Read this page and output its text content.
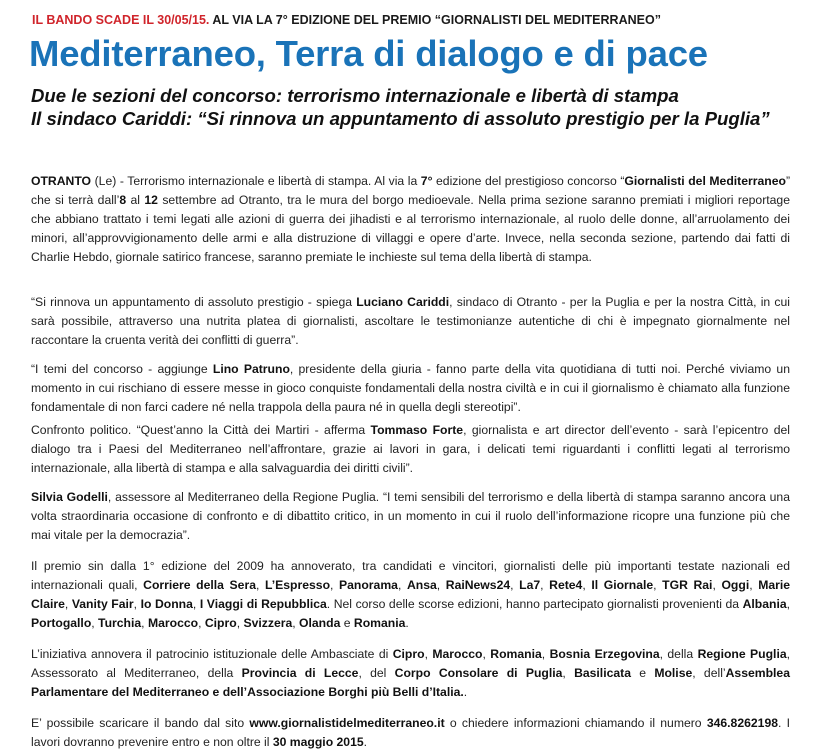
IL BANDO SCADE IL 30/05/15. AL VIA LA 7° EDIZIONE DEL PREMIO “GIORNALISTI DEL MEDITERRANEO”
Mediterraneo, Terra di dialogo e di pace
Due le sezioni del concorso: terrorismo internazionale e libertà di stampa
Il sindaco Cariddi: “Si rinnova un appuntamento di assoluto prestigio per la Puglia”

OTRANTO (Le) - Terrorismo internazionale e libertà di stampa. Al via la 7° edizione del prestigioso concorso “Giornalisti del Mediterraneo” che si terrà dall’8 al 12 settembre ad Otranto, tra le mura del borgo medioevale. Nella prima sezione saranno premiati i migliori reportage che abbiano trattato i temi legati alle azioni di guerra dei jihadisti e al terrorismo internazionale, al ruolo delle donne, all’arruolamento dei minori, all’approvvigionamento delle armi e alla distruzione di villaggi e opere d’arte. Invece, nella seconda sezione, partendo dai fatti di Charlie Hebdo, giornale satirico francese, saranno premiate le inchieste sul tema della libertà di stampa.

“Si rinnova un appuntamento di assoluto prestigio - spiega Luciano Cariddi, sindaco di Otranto - per la Puglia e per la nostra Città, in cui sarà possibile, attraverso una nutrita platea di giornalisti, ascoltare le testimonianze autentiche di chi è impegnato giornalmente nel raccontare la cruenta verità dei conflitti di guerra”.

“I temi del concorso - aggiunge Lino Patruno, presidente della giuria - fanno parte della vita quotidiana di tutti noi. Perché viviamo un momento in cui rischiano di essere messe in gioco conquiste fondamentali della nostra civiltà e in cui il giornalismo è chiamato alla funzione fondamentale di non farci cadere né nella trappola della paura né in quella degli stereotipi”.

Confronto politico. “Quest’anno la Città dei Martiri - afferma Tommaso Forte, giornalista e art director dell’evento - sarà l’epicentro del dialogo tra i Paesi del Mediterraneo nell’affrontare, grazie ai lavori in gara, i delicati temi riguardanti i conflitti legati al terrorismo internazionale, alla libertà di stampa e alla salvaguardia dei diritti civili”.

Silvia Godelli, assessore al Mediterraneo della Regione Puglia. “I temi sensibili del terrorismo e della libertà di stampa saranno ancora una volta straordinaria occasione di confronto e di dibattito critico, in un momento in cui il ruolo dell’informazione ricopre una funzione più che mai vitale per la democrazia”.

Il premio sin dalla 1° edizione del 2009 ha annoverato, tra candidati e vincitori, giornalisti delle più importanti testate nazionali ed internazionali quali, Corriere della Sera, L’Espresso, Panorama, Ansa, RaiNews24, La7, Rete4, Il Giornale, TGR Rai, Oggi, Marie Claire, Vanity Fair, Io Donna, I Viaggi di Repubblica. Nel corso delle scorse edizioni, hanno partecipato giornalisti provenienti da Albania, Portogallo, Turchia, Marocco, Cipro, Svizzera, Olanda e Romania.

L’iniziativa annovera il patrocinio istituzionale delle Ambasciate di Cipro, Marocco, Romania, Bosnia Erzegovina, della Regione Puglia, Assessorato al Mediterraneo, della Provincia di Lecce, del Corpo Consolare di Puglia, Basilicata e Molise, dell’Assemblea Parlamentare del Mediterraneo e dell’Associazione Borghi più Belli d’Italia..

E’ possibile scaricare il bando dal sito www.giornalistidelmediterraneo.it o chiedere informazioni chiamando il numero 346.8262198. I lavori dovranno prevenire entro e non oltre il 30 maggio 2015.
